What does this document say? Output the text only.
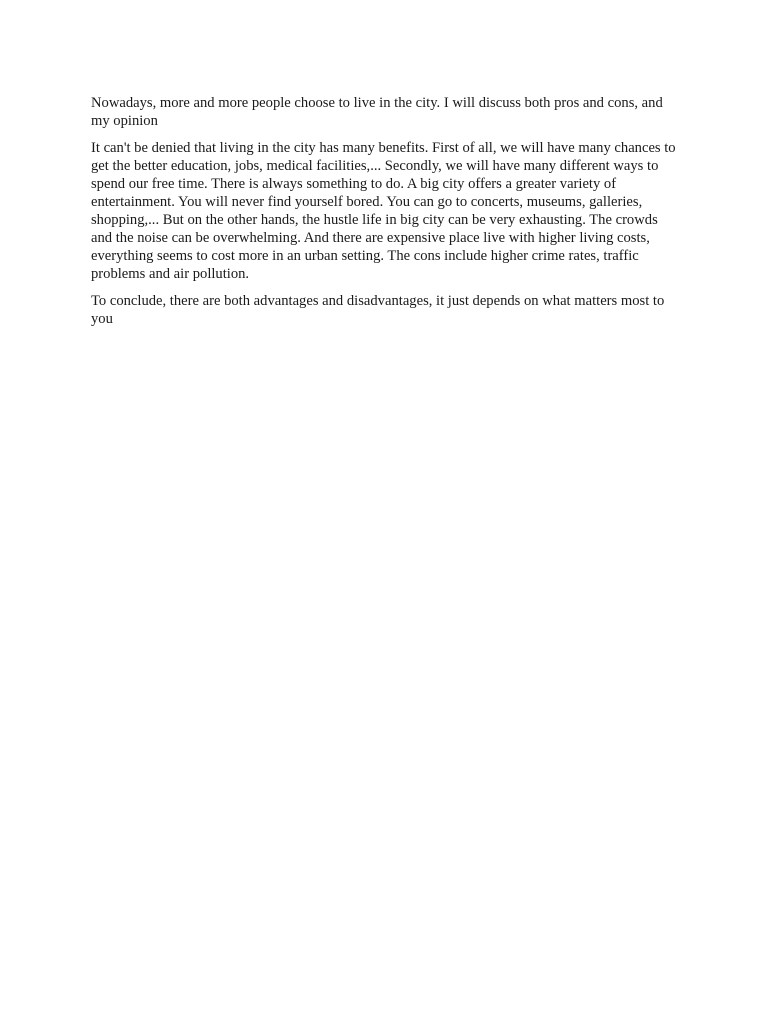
Nowadays, more and more people choose to live in the city. I will discuss both pros and cons, and my opinion

It can't be denied that living in the city has many benefits. First of all, we will have many chances to get the better education, jobs, medical facilities,... Secondly, we will have many different ways to spend our free time. There is always something to do. A big city offers a greater variety of entertainment. You will never find yourself bored. You can go to concerts, museums, galleries, shopping,... But on the other hands, the hustle life in big city can be very exhausting. The crowds and the noise can be overwhelming. And there are expensive place live with higher living costs, everything seems to cost more in an urban setting. The cons include higher crime rates, traffic problems and air pollution.

To conclude, there are both advantages and disadvantages, it just depends on what matters most to you
